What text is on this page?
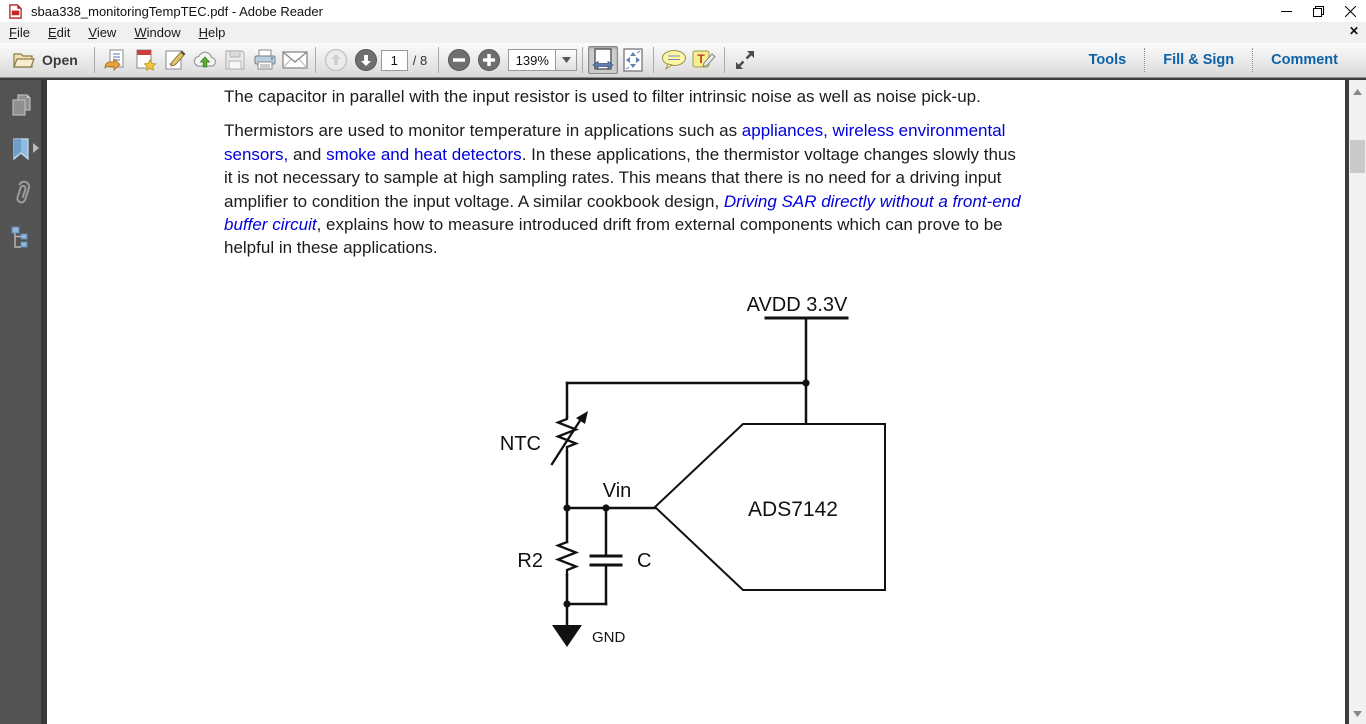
sbaa338_monitoringTempTEC.pdf - Adobe Reader
File	Edit	View	Window	Help	✕
Open
1	/ 8	139%	T	Tools	Fill & Sign	Comment
The capacitor in parallel with the input resistor is used to filter intrinsic noise as well as noise pick-up.
Thermistors are used to monitor temperature in applications such as appliances, wireless environmental
sensors, and smoke and heat detectors. In these applications, the thermistor voltage changes slowly thus
it is not necessary to sample at high sampling rates. This means that there is no need for a driving input
amplifier to condition the input voltage. A similar cookbook design, Driving SAR directly without a front-end
buffer circuit, explains how to measure introduced drift from external components which can prove to be
helpful in these applications.
AVDD 3.3V
NTC
Vin
R2	C
ADS7142
GND
